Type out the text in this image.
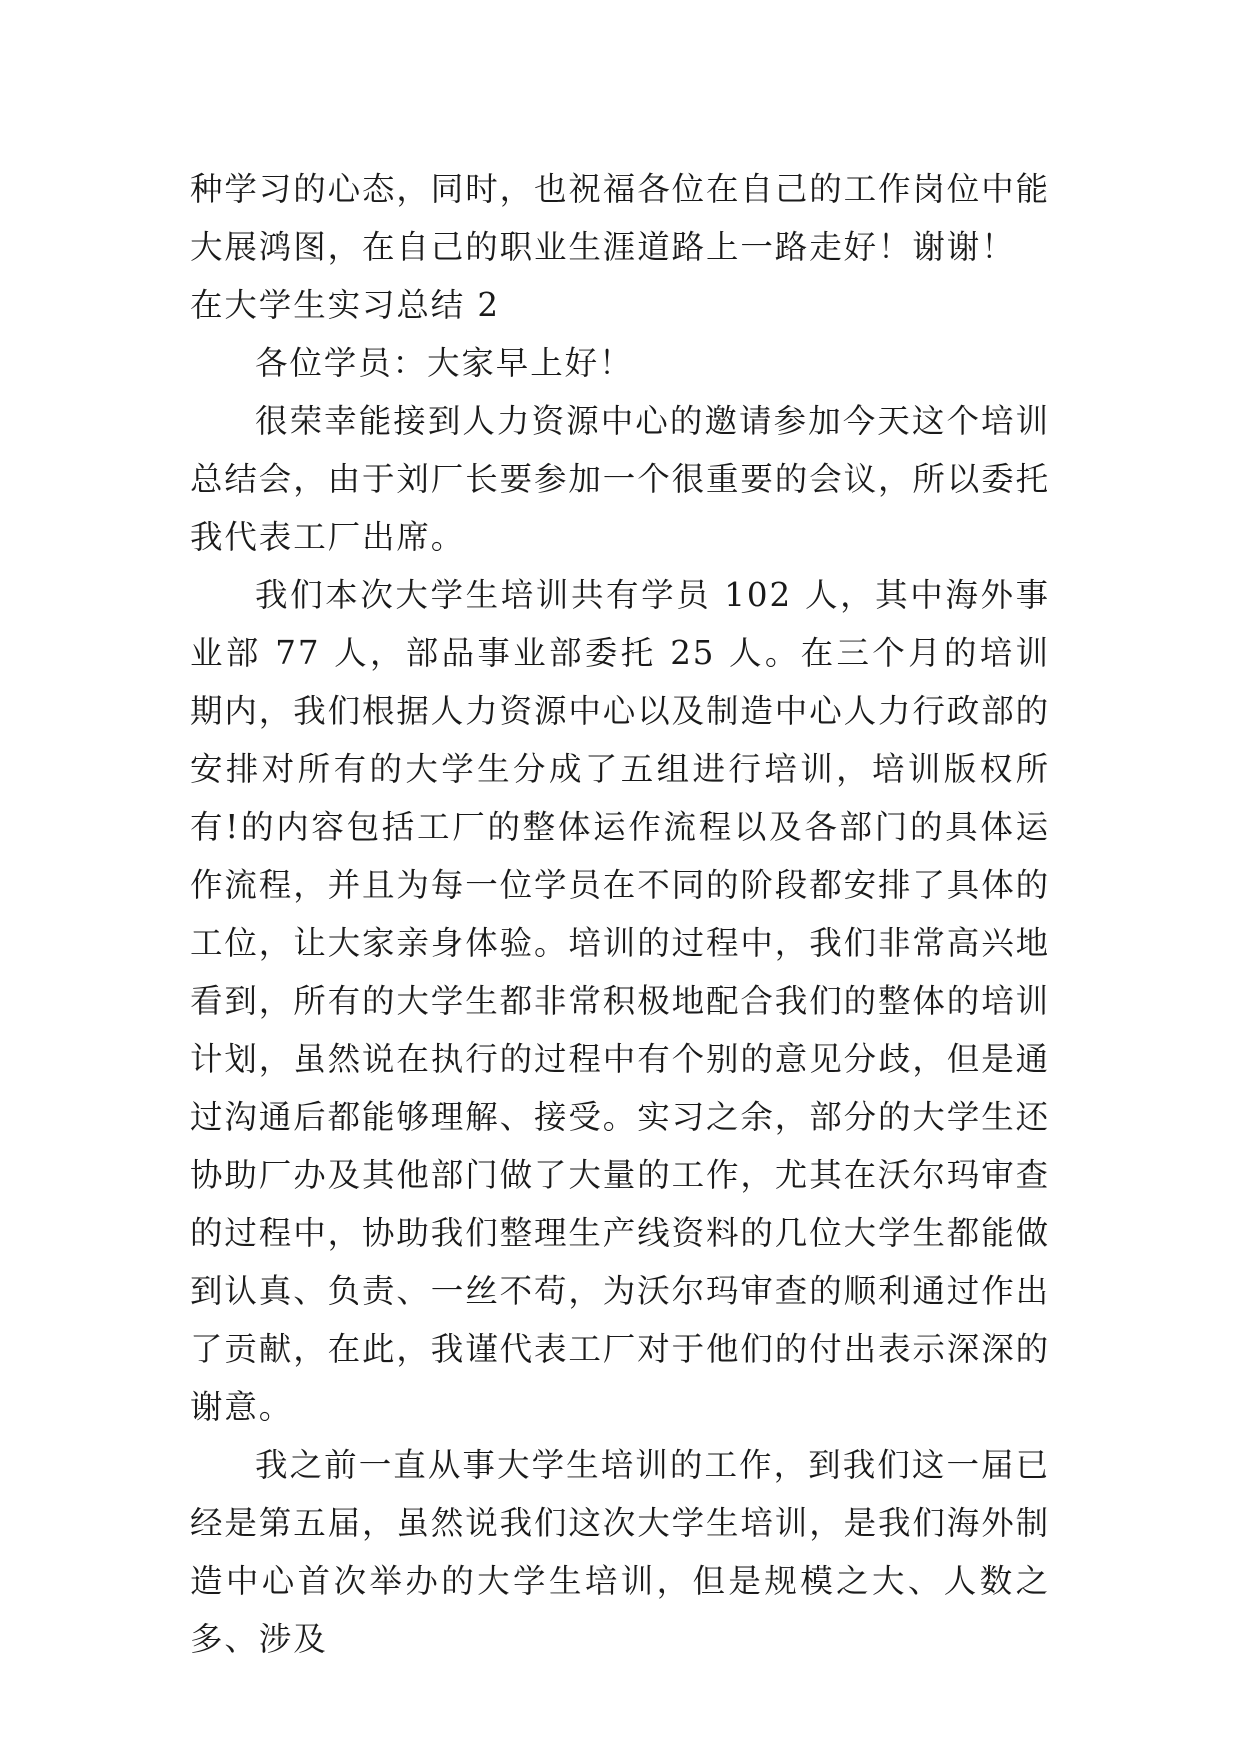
种学习的心态，同时，也祝福各位在自己的工作岗位中能大展鸿图，在自己的职业生涯道路上一路走好！谢谢！

在大学生实习总结 2

各位学员：大家早上好！

很荣幸能接到人力资源中心的邀请参加今天这个培训总结会，由于刘厂长要参加一个很重要的会议，所以委托我代表工厂出席。

我们本次大学生培训共有学员 102 人，其中海外事业部 77 人，部品事业部委托 25 人。在三个月的培训期内，我们根据人力资源中心以及制造中心人力行政部的安排对所有的大学生分成了五组进行培训，培训版权所有!的内容包括工厂的整体运作流程以及各部门的具体运作流程，并且为每一位学员在不同的阶段都安排了具体的工位，让大家亲身体验。培训的过程中，我们非常高兴地看到，所有的大学生都非常积极地配合我们的整体的培训计划，虽然说在执行的过程中有个别的意见分歧，但是通过沟通后都能够理解、接受。实习之余，部分的大学生还协助厂办及其他部门做了大量的工作，尤其在沃尔玛审查的过程中，协助我们整理生产线资料的几位大学生都能做到认真、负责、一丝不苟，为沃尔玛审查的顺利通过作出了贡献，在此，我谨代表工厂对于他们的付出表示深深的谢意。

我之前一直从事大学生培训的工作，到我们这一届已经是第五届，虽然说我们这次大学生培训，是我们海外制造中心首次举办的大学生培训，但是规模之大、人数之多、涉及
